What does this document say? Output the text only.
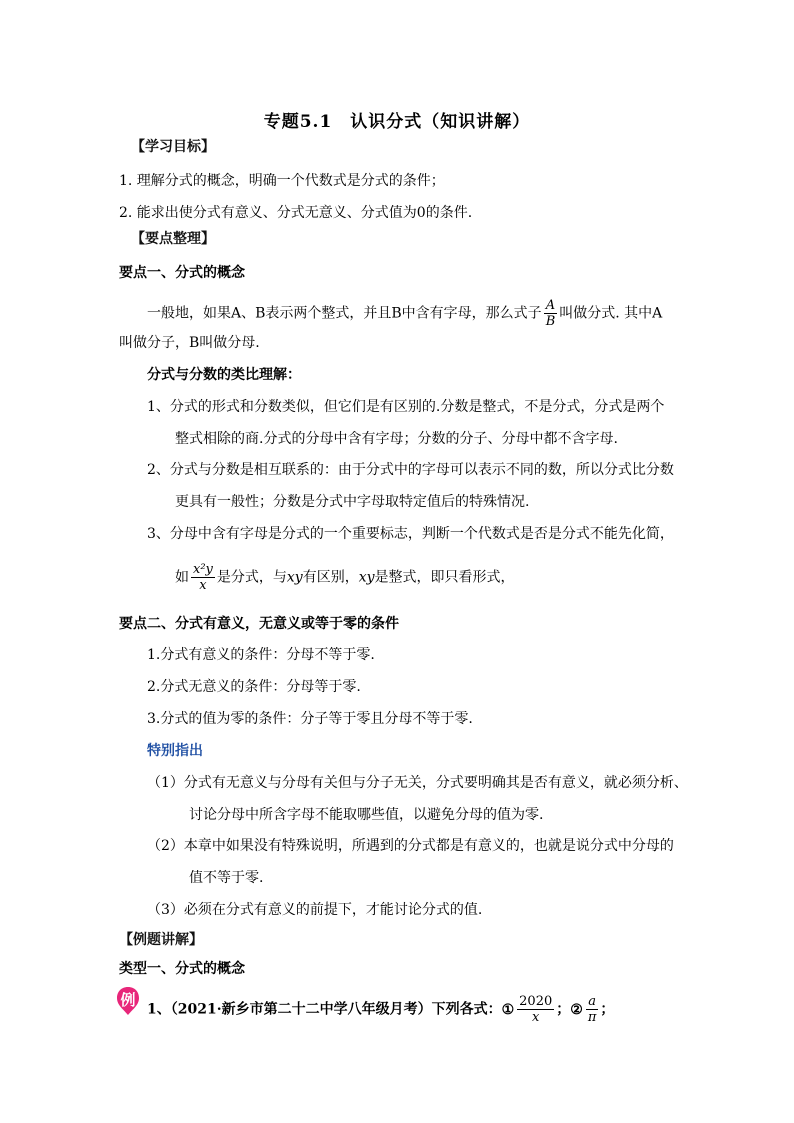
专题5.1　认识分式（知识讲解）
【学习目标】
1. 理解分式的概念，明确一个代数式是分式的条件；
2. 能求出使分式有意义、分式无意义、分式值为0的条件.
【要点整理】
要点一、分式的概念
一般地，如果A、B表示两个整式，并且B中含有字母，那么式子 $\frac{A}{B}$ 叫做分式. 其中A
叫做分子，B叫做分母.
分式与分数的类比理解：
1、分式的形式和分数类似，但它们是有区别的.分数是整式，不是分式，分式是两个
整式相除的商.分式的分母中含有字母；分数的分子、分母中都不含字母.
2、分式与分数是相互联系的：由于分式中的字母可以表示不同的数，所以分式比分数
更具有一般性；分数是分式中字母取特定值后的特殊情况.
3、分母中含有字母是分式的一个重要标志，判断一个代数式是否是分式不能先化简，
如 $\frac{\text{x²y}}{x}$ 是分式，与xy有区别，xy是整式，即只看形式，
要点二、分式有意义，无意义或等于零的条件
1.分式有意义的条件：分母不等于零.
2.分式无意义的条件：分母等于零.
3.分式的值为零的条件：分子等于零且分母不等于零.
特别指出
（1）分式有无意义与分母有关但与分子无关，分式要明确其是否有意义，就必须分析、
讨论分母中所含字母不能取哪些值，以避免分母的值为零.
（2）本章中如果没有特殊说明，所遇到的分式都是有意义的，也就是说分式中分母的
值不等于零.
（3）必须在分式有意义的前提下，才能讨论分式的值.
【例题讲解】
类型一、分式的概念
例
1、（2021·新乡市第二十二中学八年级月考）下列各式：① $\frac{2020}{x}$ ；② $\frac{a}{\pi}$ ；
